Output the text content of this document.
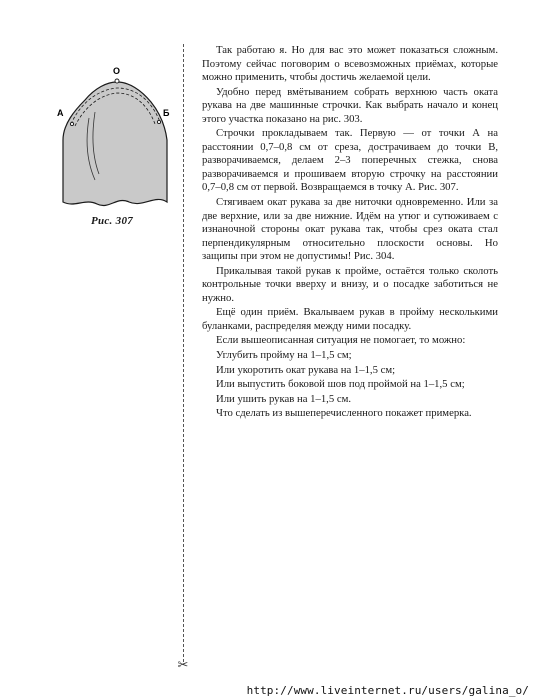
О
А	Б
Рис. 307
✂

Так работаю я. Но для вас это может показаться сложным. Поэтому сейчас поговорим о всевозможных приёмах, которые можно применить, чтобы достичь желаемой цели.

Удобно перед вмётыванием собрать верхнюю часть оката рукава на две машинные строчки. Как выбрать начало и конец этого участка показано на рис. 303.

Строчки прокладываем так. Первую — от точки А на расстоянии 0,7–0,8 см от среза, дострачиваем до точки В, разворачиваемся, делаем 2–3 поперечных стежка, снова разворачиваемся и прошиваем вторую строчку на расстоянии 0,7–0,8 см от первой. Возвращаемся в точку А. Рис. 307.

Стягиваем окат рукава за две ниточки одновременно. Или за две верхние, или за две нижние. Идём на утюг и сутюживаем с изнаночной стороны окат рукава так, чтобы срез оката стал перпендикулярным относительно плоскости основы. Но защипы при этом не допустимы! Рис. 304.

Прикалывая такой рукав к пройме, остаётся только сколоть контрольные точки вверху и внизу, и о посадке заботиться не нужно.

Ещё один приём. Вкалываем рукав в пройму несколькими буланками, распределяя между ними посадку.

Если вышеописанная ситуация не помогает, то можно:

Углубить пройму на 1–1,5 см;

Или укоротить окат рукава на 1–1,5 см;

Или выпустить боковой шов под проймой на 1–1,5 см;

Или ушить рукав на 1–1,5 см.

Что сделать из вышеперечисленного покажет примерка.

http://www.liveinternet.ru/users/galina_o/
